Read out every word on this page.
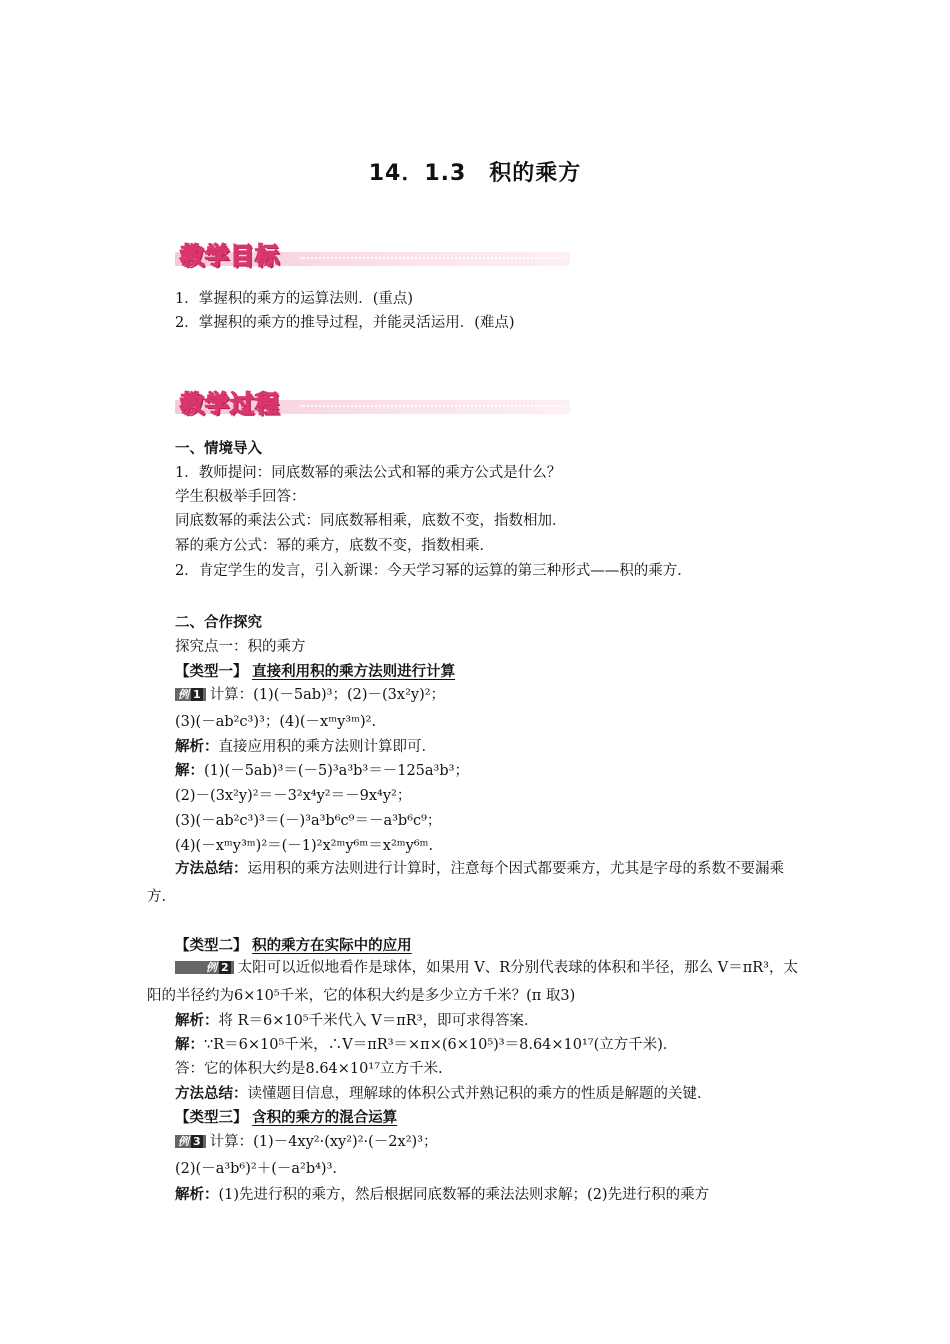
14．1.3　积的乘方
教学目标
1．掌握积的乘方的运算法则．(重点)
2．掌握积的乘方的推导过程，并能灵活运用．(难点)
教学过程
一、情境导入
1．教师提问：同底数幂的乘法公式和幂的乘方公式是什么？
学生积极举手回答：
同底数幂的乘法公式：同底数幂相乘，底数不变，指数相加．
幂的乘方公式：幂的乘方，底数不变，指数相乘．
2．肯定学生的发言，引入新课：今天学习幂的运算的第三种形式——积的乘方．
二、合作探究
探究点一：积的乘方
【类型一】 直接利用积的乘方法则进行计算
例 1 计算：(1)(－5ab)³；(2)－(3x²y)²；
(3)(－ab²c³)³；(4)(－xᵐy³ᵐ)².
解析：直接应用积的乘方法则计算即可．
解：(1)(－5ab)³＝(－5)³a³b³＝－125a³b³；
(2)－(3x²y)²＝－3²x⁴y²＝－9x⁴y²；
(3)(－ab²c³)³＝(－)³a³b⁶c⁹＝－a³b⁶c⁹；
(4)(－xᵐy³ᵐ)²＝(－1)²x²ᵐy⁶ᵐ＝x²ᵐy⁶ᵐ.
方法总结：运用积的乘方法则进行计算时，注意每个因式都要乘方，尤其是字母的系数不要漏乘方．
【类型二】 积的乘方在实际中的应用
例 2 太阳可以近似地看作是球体，如果用 V、R分别代表球的体积和半径，那么 V＝πR³，太阳的半径约为6×10⁵千米，它的体积大约是多少立方千米？(π 取3)
解析：将 R＝6×10⁵千米代入 V＝πR³，即可求得答案．
解：∵R＝6×10⁵千米，∴V＝πR³＝×π×(6×10⁵)³＝8.64×10¹⁷(立方千米)．
答：它的体积大约是8.64×10¹⁷立方千米.
方法总结：读懂题目信息，理解球的体积公式并熟记积的乘方的性质是解题的关键．
【类型三】 含积的乘方的混合运算
例 3 计算：(1)－4xy²·(xy²)²·(－2x²)³；
(2)(－a³b⁶)²＋(－a²b⁴)³.
解析：(1)先进行积的乘方，然后根据同底数幂的乘法法则求解；(2)先进行积的乘方
